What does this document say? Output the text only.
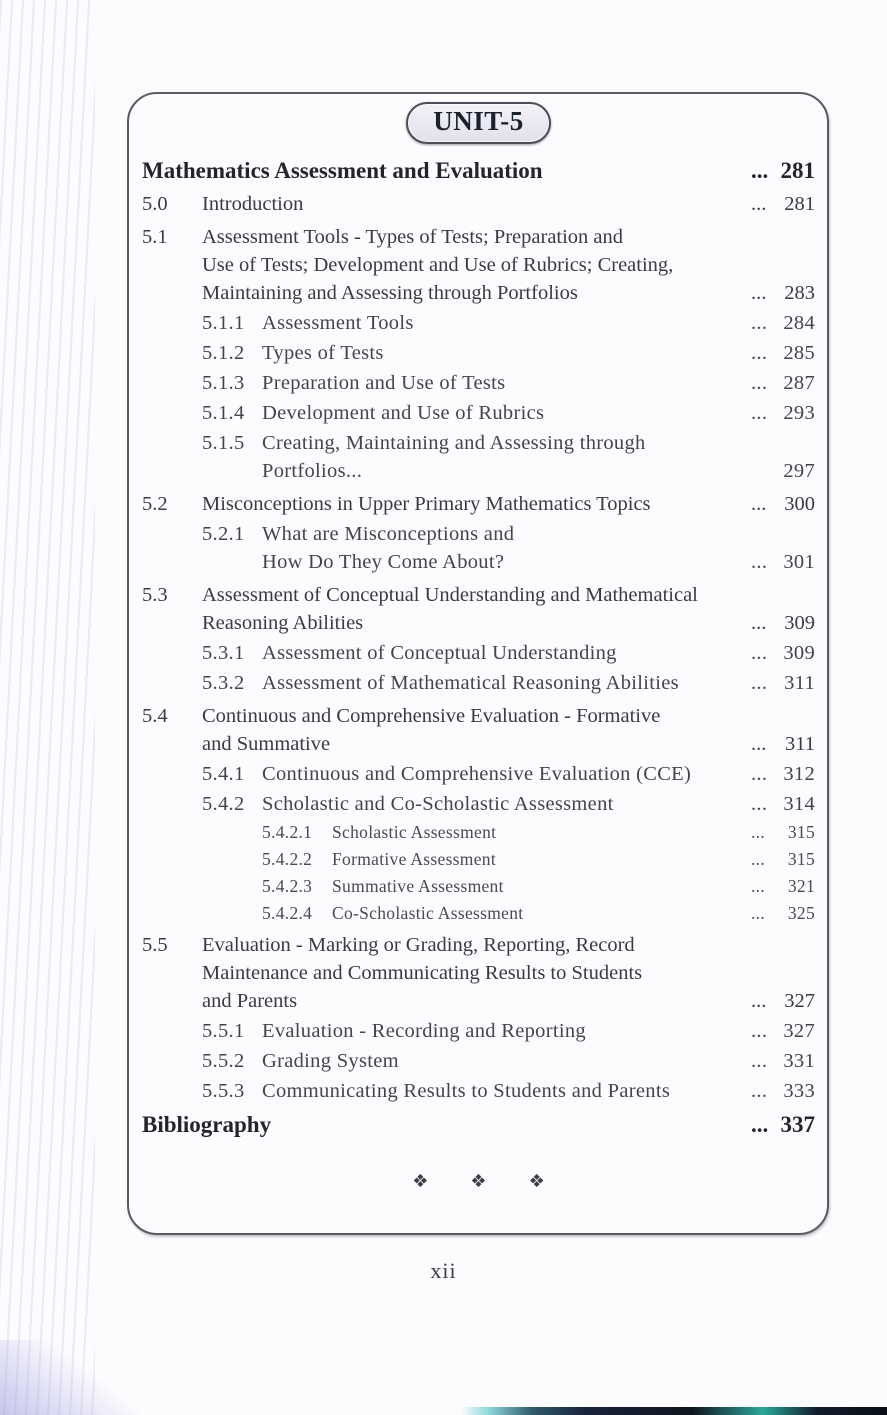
UNIT-5
Mathematics Assessment and Evaluation	... 281
5.0	Introduction	... 281
5.1	Assessment Tools - Types of Tests; Preparation and
Use of Tests; Development and Use of Rubrics; Creating,
Maintaining and Assessing through Portfolios	... 283
5.1.1 Assessment Tools	... 284
5.1.2 Types of Tests	... 285
5.1.3 Preparation and Use of Tests	... 287
5.1.4 Development and Use of Rubrics	... 293
5.1.5 Creating, Maintaining and Assessing through Portfolios...	297
5.2	Misconceptions in Upper Primary Mathematics Topics	... 300
5.2.1 What are Misconceptions and
How Do They Come About?	... 301
5.3	Assessment of Conceptual Understanding and Mathematical
Reasoning Abilities	... 309
5.3.1 Assessment of Conceptual Understanding	... 309
5.3.2 Assessment of Mathematical Reasoning Abilities	... 311
5.4	Continuous and Comprehensive Evaluation - Formative
and Summative	... 311
5.4.1 Continuous and Comprehensive Evaluation (CCE)	... 312
5.4.2 Scholastic and Co-Scholastic Assessment	... 314
5.4.2.1	Scholastic Assessment	... 315
5.4.2.2	Formative Assessment	... 315
5.4.2.3	Summative Assessment	... 321
5.4.2.4	Co-Scholastic Assessment	... 325
5.5	Evaluation - Marking or Grading, Reporting, Record
Maintenance and Communicating Results to Students
and Parents	... 327
5.5.1 Evaluation - Recording and Reporting	... 327
5.5.2 Grading System	... 331
5.5.3 Communicating Results to Students and Parents	... 333
Bibliography	... 337
❖ ❖ ❖
xii
